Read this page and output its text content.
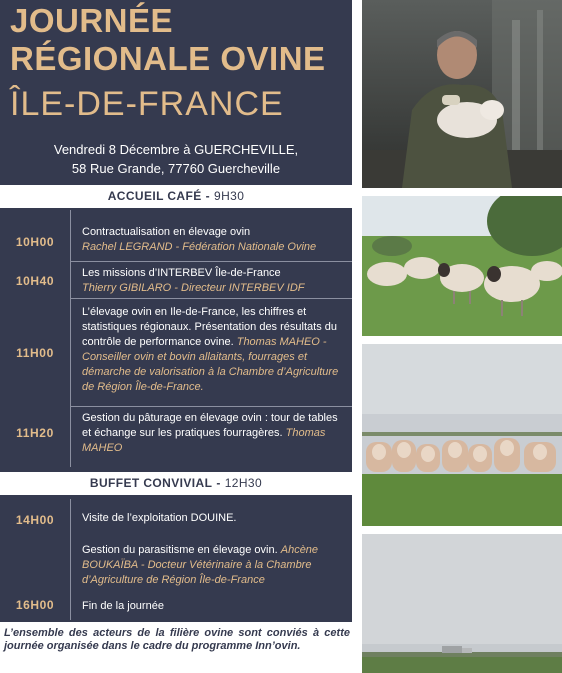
JOURNÉE
RÉGIONALE OVINE
ÎLE-DE-FRANCE
Vendredi 8 Décembre à GUERCHEVILLE,
58 Rue Grande, 77760 Guercheville
ACCUEIL CAFÉ - 9H30
10H00
Contractualisation en élevage ovin
Rachel LEGRAND - Fédération Nationale Ovine
10H40
Les missions d’INTERBEV Île-de-France
Thierry GIBILARO - Directeur INTERBEV IDF
11H00
L’élevage ovin en Ile-de-France, les chiffres et statistiques régionaux. Présentation des résultats du contrôle de performance ovine. Thomas MAHEO - Conseiller ovin et bovin allaitants, fourrages et démarche de valorisation à la Chambre d’Agriculture de Région Île-de-France.
11H20
Gestion du pâturage en élevage ovin : tour de tables et échange sur les pratiques fourragères. Thomas MAHEO
BUFFET CONVIVIAL - 12H30
14H00	Visite de l’exploitation DOUINE.
Gestion du parasitisme en élevage ovin. Ahcène BOUKAÏBA - Docteur Vétérinaire à la Chambre d’Agriculture de Région Île-de-France
16H00	Fin de la journée
L’ensemble des acteurs de la filière ovine sont conviés à cette journée organisée dans le cadre du programme Inn’ovin.
